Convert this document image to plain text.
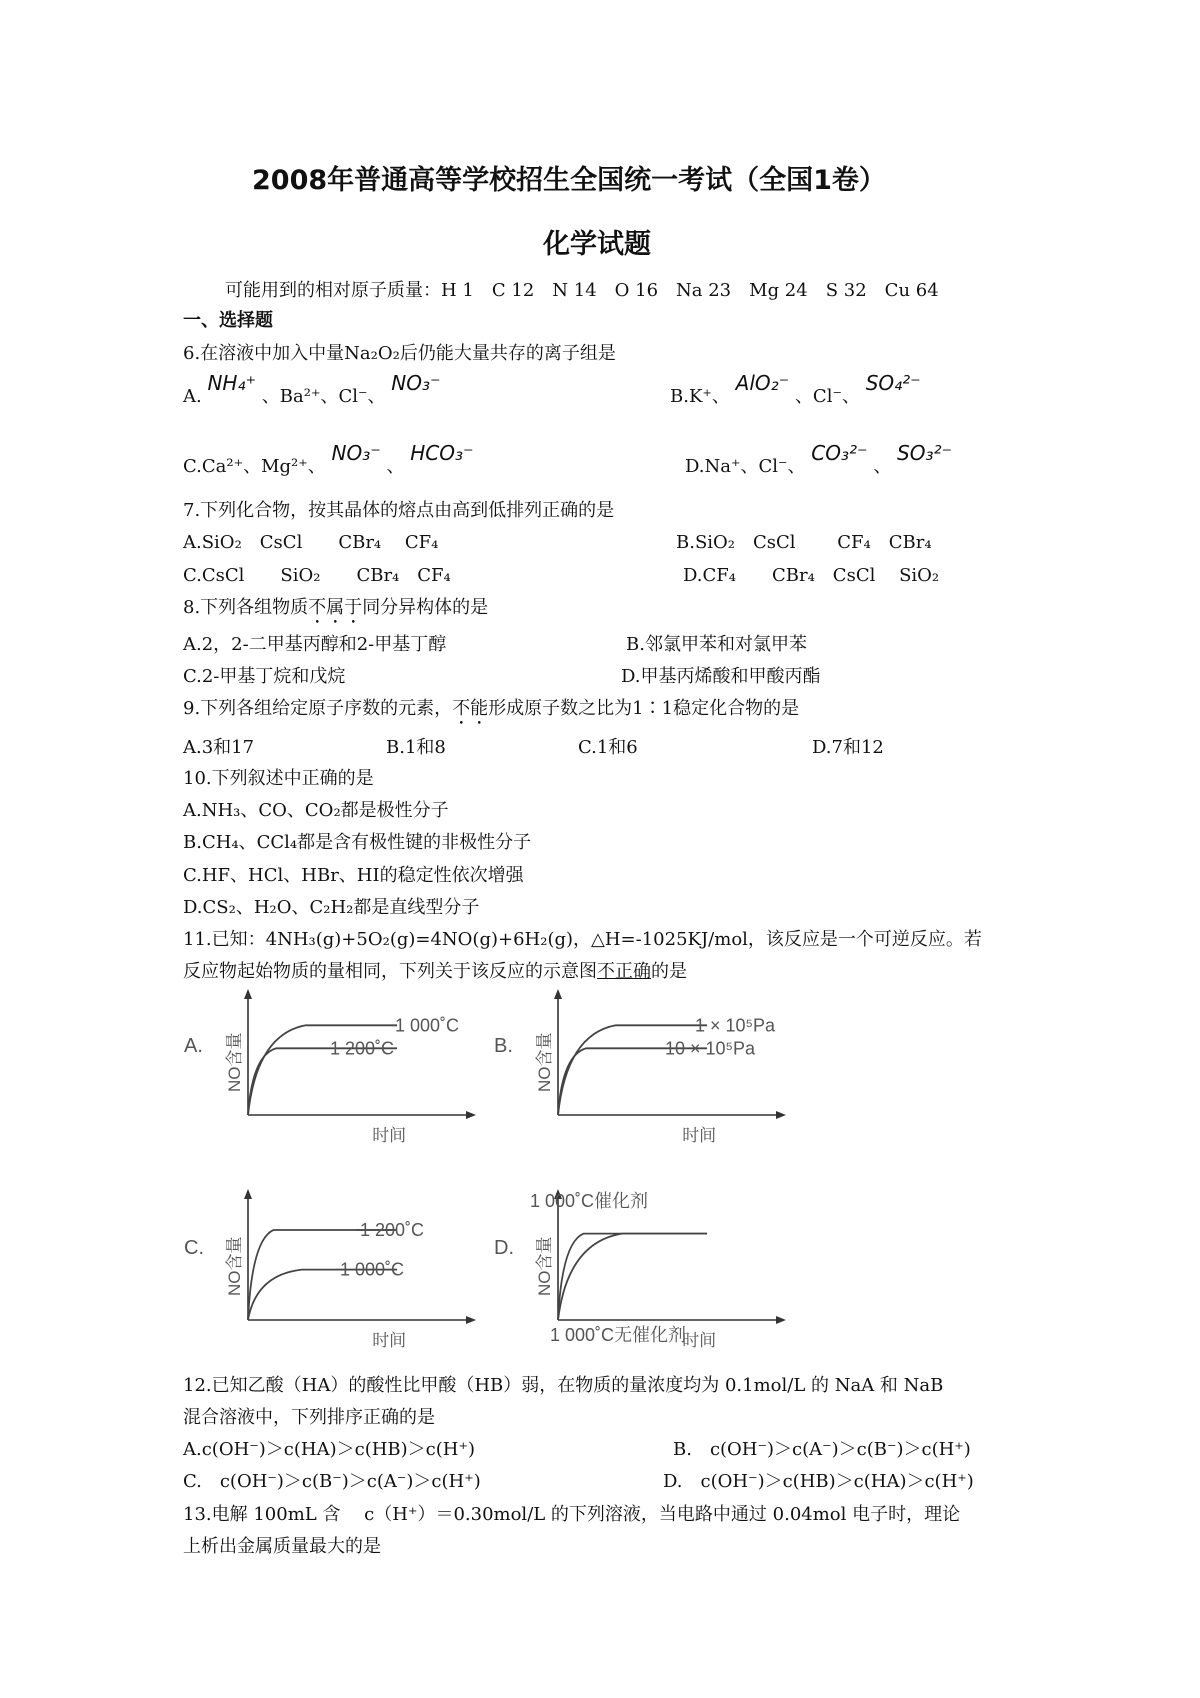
2008年普通高等学校招生全国统一考试（全国1卷）
化学试题
可能用到的相对原子质量：H 1　C 12　N 14　O 16　Na 23　Mg 24　S 32　Cu 64
一、选择题
6.在溶液中加入中量Na₂O₂后仍能大量共存的离子组是
A. NH₄⁺ 、Ba²⁺、Cl⁻、 NO₃⁻
B.K⁺、 AlO₂⁻ 、Cl⁻、 SO₄²⁻
C.Ca²⁺、Mg²⁺、 NO₃⁻ 、 HCO₃⁻
D.Na⁺、Cl⁻、 CO₃²⁻ 、 SO₃²⁻
7.下列化合物，按其晶体的熔点由高到低排列正确的是
A.SiO₂　CsCl　　CBr₄　 CF₄	B.SiO₂　CsCl　　 CF₄　CBr₄
C.CsCl　　SiO₂　　CBr₄　CF₄	D.CF₄　　CBr₄　CsCl　 SiO₂
8.下列各组物质不属于同分异构体的是
A.2，2-二甲基丙醇和2-甲基丁醇	B.邻氯甲苯和对氯甲苯
C.2-甲基丁烷和戊烷	D.甲基丙烯酸和甲酸丙酯
9.下列各组给定原子序数的元素，不能形成原子数之比为1∶1稳定化合物的是
A.3和17	B.1和8	C.1和6	D.7和12
10.下列叙述中正确的是
A.NH₃、CO、CO₂都是极性分子
B.CH₄、CCl₄都是含有极性键的非极性分子
C.HF、HCl、HBr、HI的稳定性依次增强
D.CS₂、H₂O、C₂H₂都是直线型分子
11.已知：4NH₃(g)+5O₂(g)=4NO(g)+6H₂(g)，△H=-1025KJ/mol，该反应是一个可逆反应。若
反应物起始物质的量相同，下列关于该反应的示意图不正确的是
A. NO含量
时间
1 000˚C
1 200˚C	B. NO含量
时间
1 × 10⁵Pa
10 × 10⁵Pa
C. NO含量
时间
1 200˚C
1 000˚C
D. NO含量
时间
1 000˚C催化剂
1 000˚C无催化剂
12.已知乙酸（HA）的酸性比甲酸（HB）弱，在物质的量浓度均为 0.1mol/L 的 NaA 和 NaB
混合溶液中，下列排序正确的是
A.c(OH⁻)＞c(HA)＞c(HB)＞c(H⁺)	B.　c(OH⁻)＞c(A⁻)＞c(B⁻)＞c(H⁺)
C.　c(OH⁻)＞c(B⁻)＞c(A⁻)＞c(H⁺)	D.　c(OH⁻)＞c(HB)＞c(HA)＞c(H⁺)
13.电解 100mL 含　 c（H⁺）＝0.30mol/L 的下列溶液，当电路中通过 0.04mol 电子时，理论
上析出金属质量最大的是
